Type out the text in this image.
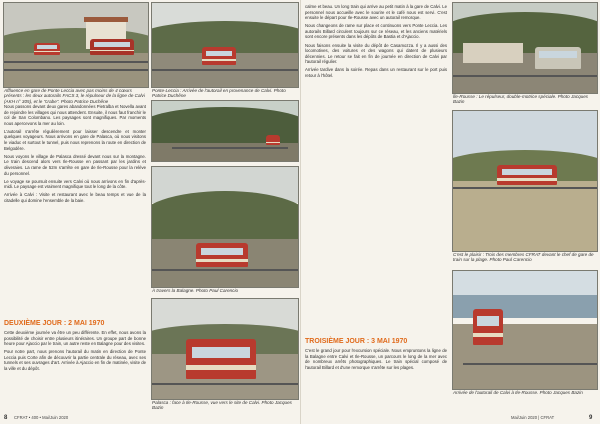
Affluence en gare de Ponte Leccia avec pas moins de 4 cœurs présents : les deux autorails FACS 3, le répulseur de la ligne de Calvi (AKH n° 305), et le "crabe". Photo Patrice Duchêne
Ponte-Leccia : Arrivée de l'autorail en provenance de Calvi. Photo Patrice Duchêne

Nous passons devant deux gares abandonnées Pietralba et Novella avant de rejoindre les villages qui nous attendent. Ensuite, il nous faut franchir le col de San Colombano. Les paysages sont magnifiques. Par moments nous apercevons la mer au loin.

L'autorail s'arrête régulièrement pour laisser descendre et monter quelques voyageurs. Nous arrivons en gare de Palasca, où nous visitons le viaduc et surtout le tunnel, puis nous reprenons la route en direction de Belgodère.

Nous voyons le village de Palasca dressé devant nous sur la montagne. Le train descend alors vers Ile-Rousse en passant par les jardins et oliveraies. La rame de 52m s'arrête en gare de Ile-Rousse pour la relève du personnel.

Le voyage se poursuit ensuite vers Calvi où nous arrivons en fin d'après-midi. Le paysage est vraiment magnifique tout le long de la côte.

Arrivée à Calvi : Visite et restaurant avec le beau temps et vue de la citadelle qui domine l'ensemble de la baie.

DEUXIÈME JOUR : 2 MAI 1970

Cette deuxième journée va être un peu différente. En effet, nous avons la possibilité de choisir entre plusieurs itinéraires. Un groupe part de bonne heure pour Ajaccio par le train, un autre reste en Balagne pour des visites.

Pour notre part, nous prenons l'autorail du matin en direction de Ponte Leccia puis Corte afin de découvrir la partie centrale du réseau, avec ses tunnels et ses ouvrages d'art. Arrivée à Ajaccio en fin de matinée, visite de la ville et du dépôt.

À travers la Balagne. Photo Paul Carencio
Palasca : face à Ile-Rousse, vue vers le site de Calvi. Photo Jacques Bazin
8 CFRAT • 400 • Mai/Juin 2020

calme et beau. Un long train qui arrive au petit matin à la gare de Calvi. Le personnel nous accueille avec le sourire et le café nous est servi. C'est ensuite le départ pour Ile-Rousse avec un autorail remorque.

Nous changeons de rame sur place et continuons vers Ponte Leccia. Les autorails Billard circulent toujours sur ce réseau, et les anciens matériels sont encore présents dans les dépôts de Bastia et d'Ajaccio.

Nous faisons ensuite la visite du dépôt de Casamozza. Il y a aussi des locomotives, des voitures et des wagons qui datent de plusieurs décennies. Le retour se fait en fin de journée en direction de Calvi par l'autorail régulier.

Arrivée tardive dans la soirée. Repas dans un restaurant sur le port puis retour à l'hôtel.

TROISIÈME JOUR : 3 MAI 1970

C'est le grand jour pour l'excursion spéciale. Nous empruntons la ligne de la Balagne entre Calvi et Ile-Rousse, un parcours le long de la mer avec de nombreux arrêts photographiques. Le train spécial composé de l'autorail Billard et d'une remorque s'arrête sur les plages.

Île-Rousse : Le répulseur, double-motrice spéciale. Photo Jacques Bazin
C'est le plaisir : Trois des membres CFRAT devant le chef de gare de train sur la plage. Photo Paul Carencio
Arrivée de l'autorail de Calvi à Ile-Rousse. Photo Jacques Bazin
Mai/Juin 2020 | CFRAT	9
